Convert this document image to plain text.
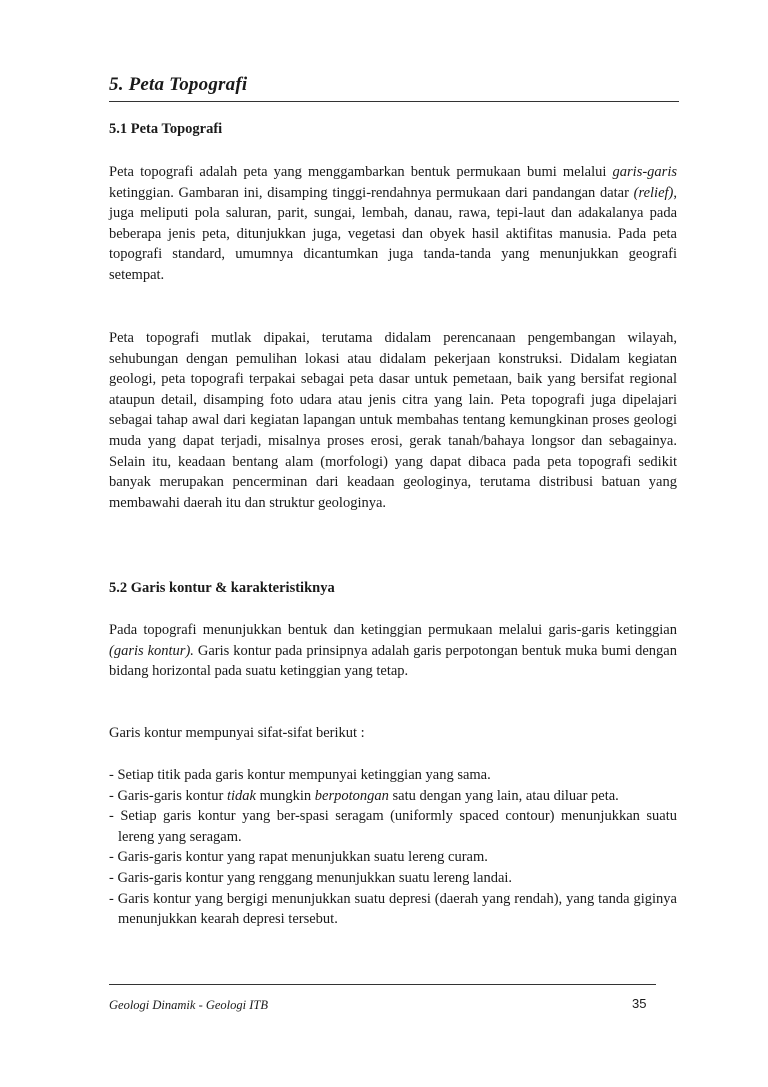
5. Peta Topografi
5.1 Peta Topografi

Peta topografi adalah peta yang menggambarkan bentuk permukaan bumi melalui garis-garis ketinggian. Gambaran ini, disamping tinggi-rendahnya permukaan dari pandangan datar (relief), juga meliputi pola saluran, parit, sungai, lembah, danau, rawa, tepi-laut dan adakalanya pada beberapa jenis peta, ditunjukkan juga, vegetasi dan obyek hasil aktifitas manusia. Pada peta topografi standard, umumnya dicantumkan juga tanda-tanda yang menunjukkan geografi setempat.

Peta topografi mutlak dipakai, terutama didalam perencanaan pengembangan wilayah, sehubungan dengan pemulihan lokasi atau didalam pekerjaan konstruksi. Didalam kegiatan geologi, peta topografi terpakai sebagai peta dasar untuk pemetaan, baik yang bersifat regional ataupun detail, disamping foto udara atau jenis citra yang lain. Peta topografi juga dipelajari sebagai tahap awal dari kegiatan lapangan untuk membahas tentang kemungkinan proses geologi muda yang dapat terjadi, misalnya proses erosi, gerak tanah/bahaya longsor dan sebagainya. Selain itu, keadaan bentang alam (morfologi) yang dapat dibaca pada peta topografi sedikit banyak merupakan pencerminan dari keadaan geologinya, terutama distribusi batuan yang membawahi daerah itu dan struktur geologinya.

5.2 Garis kontur & karakteristiknya

Pada topografi menunjukkan bentuk dan ketinggian permukaan melalui garis-garis ketinggian (garis kontur). Garis kontur pada prinsipnya adalah garis perpotongan bentuk muka bumi dengan bidang horizontal pada suatu ketinggian yang tetap.

Garis kontur mempunyai sifat-sifat berikut :

- Setiap titik pada garis kontur mempunyai ketinggian yang sama.
- Garis-garis kontur tidak mungkin berpotongan satu dengan yang lain, atau diluar peta.
- Setiap garis kontur yang ber-spasi seragam (uniformly spaced contour) menunjukkan suatu lereng yang seragam.
- Garis-garis kontur yang rapat menunjukkan suatu lereng curam.
- Garis-garis kontur yang renggang menunjukkan suatu lereng landai.
- Garis kontur yang bergigi menunjukkan suatu depresi (daerah yang rendah), yang tanda giginya menunjukkan kearah depresi tersebut.
Geologi Dinamik - Geologi ITB	35
